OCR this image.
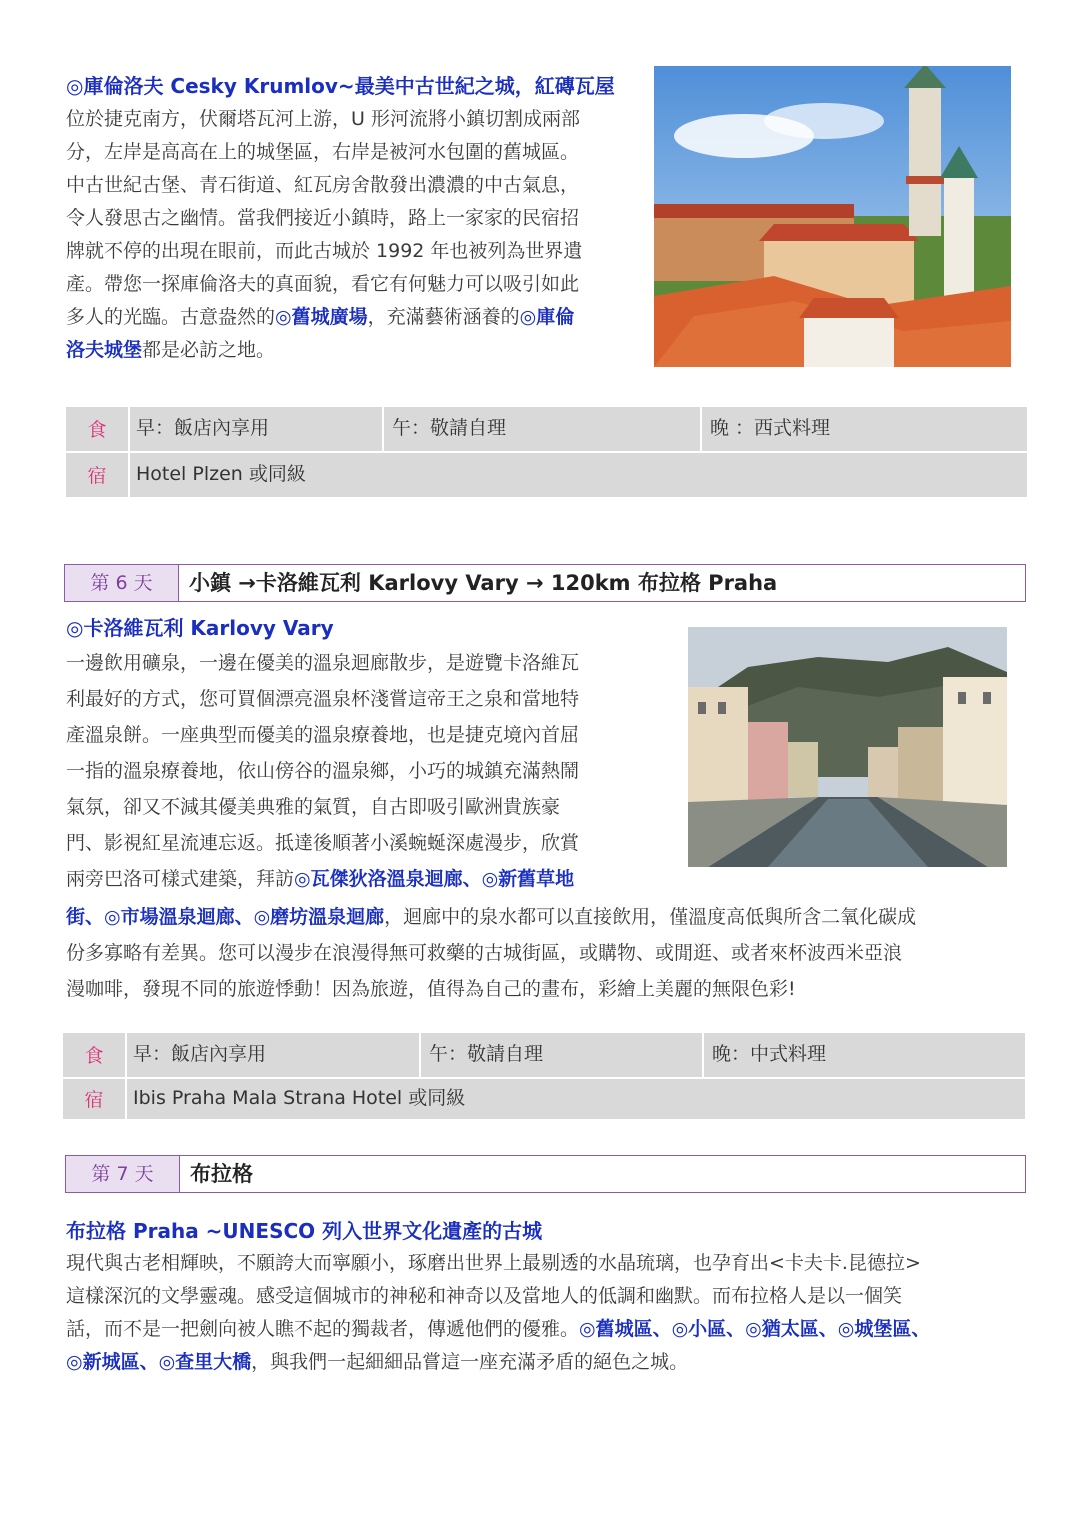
◎庫倫洛夫 Cesky Krumlov~最美中古世紀之城，紅磚瓦屋
位於捷克南方，伏爾塔瓦河上游，U 形河流將小鎮切割成兩部
分，左岸是高高在上的城堡區，右岸是被河水包圍的舊城區。
中古世紀古堡、青石街道、紅瓦房舍散發出濃濃的中古氣息，
令人發思古之幽情。當我們接近小鎮時，路上一家家的民宿招
牌就不停的出現在眼前，而此古城於 1992 年也被列為世界遺
產。帶您一探庫倫洛夫的真面貌，看它有何魅力可以吸引如此
多人的光臨。古意盎然的◎舊城廣場，充滿藝術涵養的◎庫倫
洛夫城堡都是必訪之地。
食	早：飯店內享用	午：敬請自理	晚 ：西式料理
宿	Hotel Plzen 或同級
第 6 天	小鎮 →卡洛維瓦利 Karlovy Vary → 120km 布拉格 Praha
◎卡洛維瓦利 Karlovy Vary
一邊飲用礦泉，一邊在優美的溫泉迴廊散步，是遊覽卡洛維瓦
利最好的方式，您可買個漂亮溫泉杯淺嘗這帝王之泉和當地特
產溫泉餅。一座典型而優美的溫泉療養地，也是捷克境內首屈
一指的溫泉療養地，依山傍谷的溫泉鄉，小巧的城鎮充滿熱鬧
氣氛，卻又不減其優美典雅的氣質，自古即吸引歐洲貴族豪
門、影視紅星流連忘返。抵達後順著小溪蜿蜒深處漫步，欣賞
兩旁巴洛可樣式建築，拜訪◎瓦傑狄洛溫泉迴廊、◎新舊草地
街、◎市場溫泉迴廊、◎磨坊溫泉迴廊，迴廊中的泉水都可以直接飲用，僅溫度高低與所含二氧化碳成
份多寡略有差異。您可以漫步在浪漫得無可救藥的古城街區，或購物、或閒逛、或者來杯波西米亞浪
漫咖啡，發現不同的旅遊悸動！因為旅遊，值得為自己的畫布，彩繪上美麗的無限色彩!
食	早：飯店內享用	午：敬請自理	晚：中式料理
宿	Ibis Praha Mala Strana Hotel 或同級
第 7 天	布拉格
布拉格 Praha ~UNESCO 列入世界文化遺產的古城
現代與古老相輝映，不願誇大而寧願小，琢磨出世界上最剔透的水晶琉璃，也孕育出<卡夫卡.昆德拉>
這樣深沉的文學靈魂。感受這個城市的神秘和神奇以及當地人的低調和幽默。而布拉格人是以一個笑
話，而不是一把劍向被人瞧不起的獨裁者，傳遞他們的優雅。◎舊城區、◎小區、◎猶太區、◎城堡區、
◎新城區、◎查里大橋，與我們一起細細品嘗這一座充滿矛盾的絕色之城。
